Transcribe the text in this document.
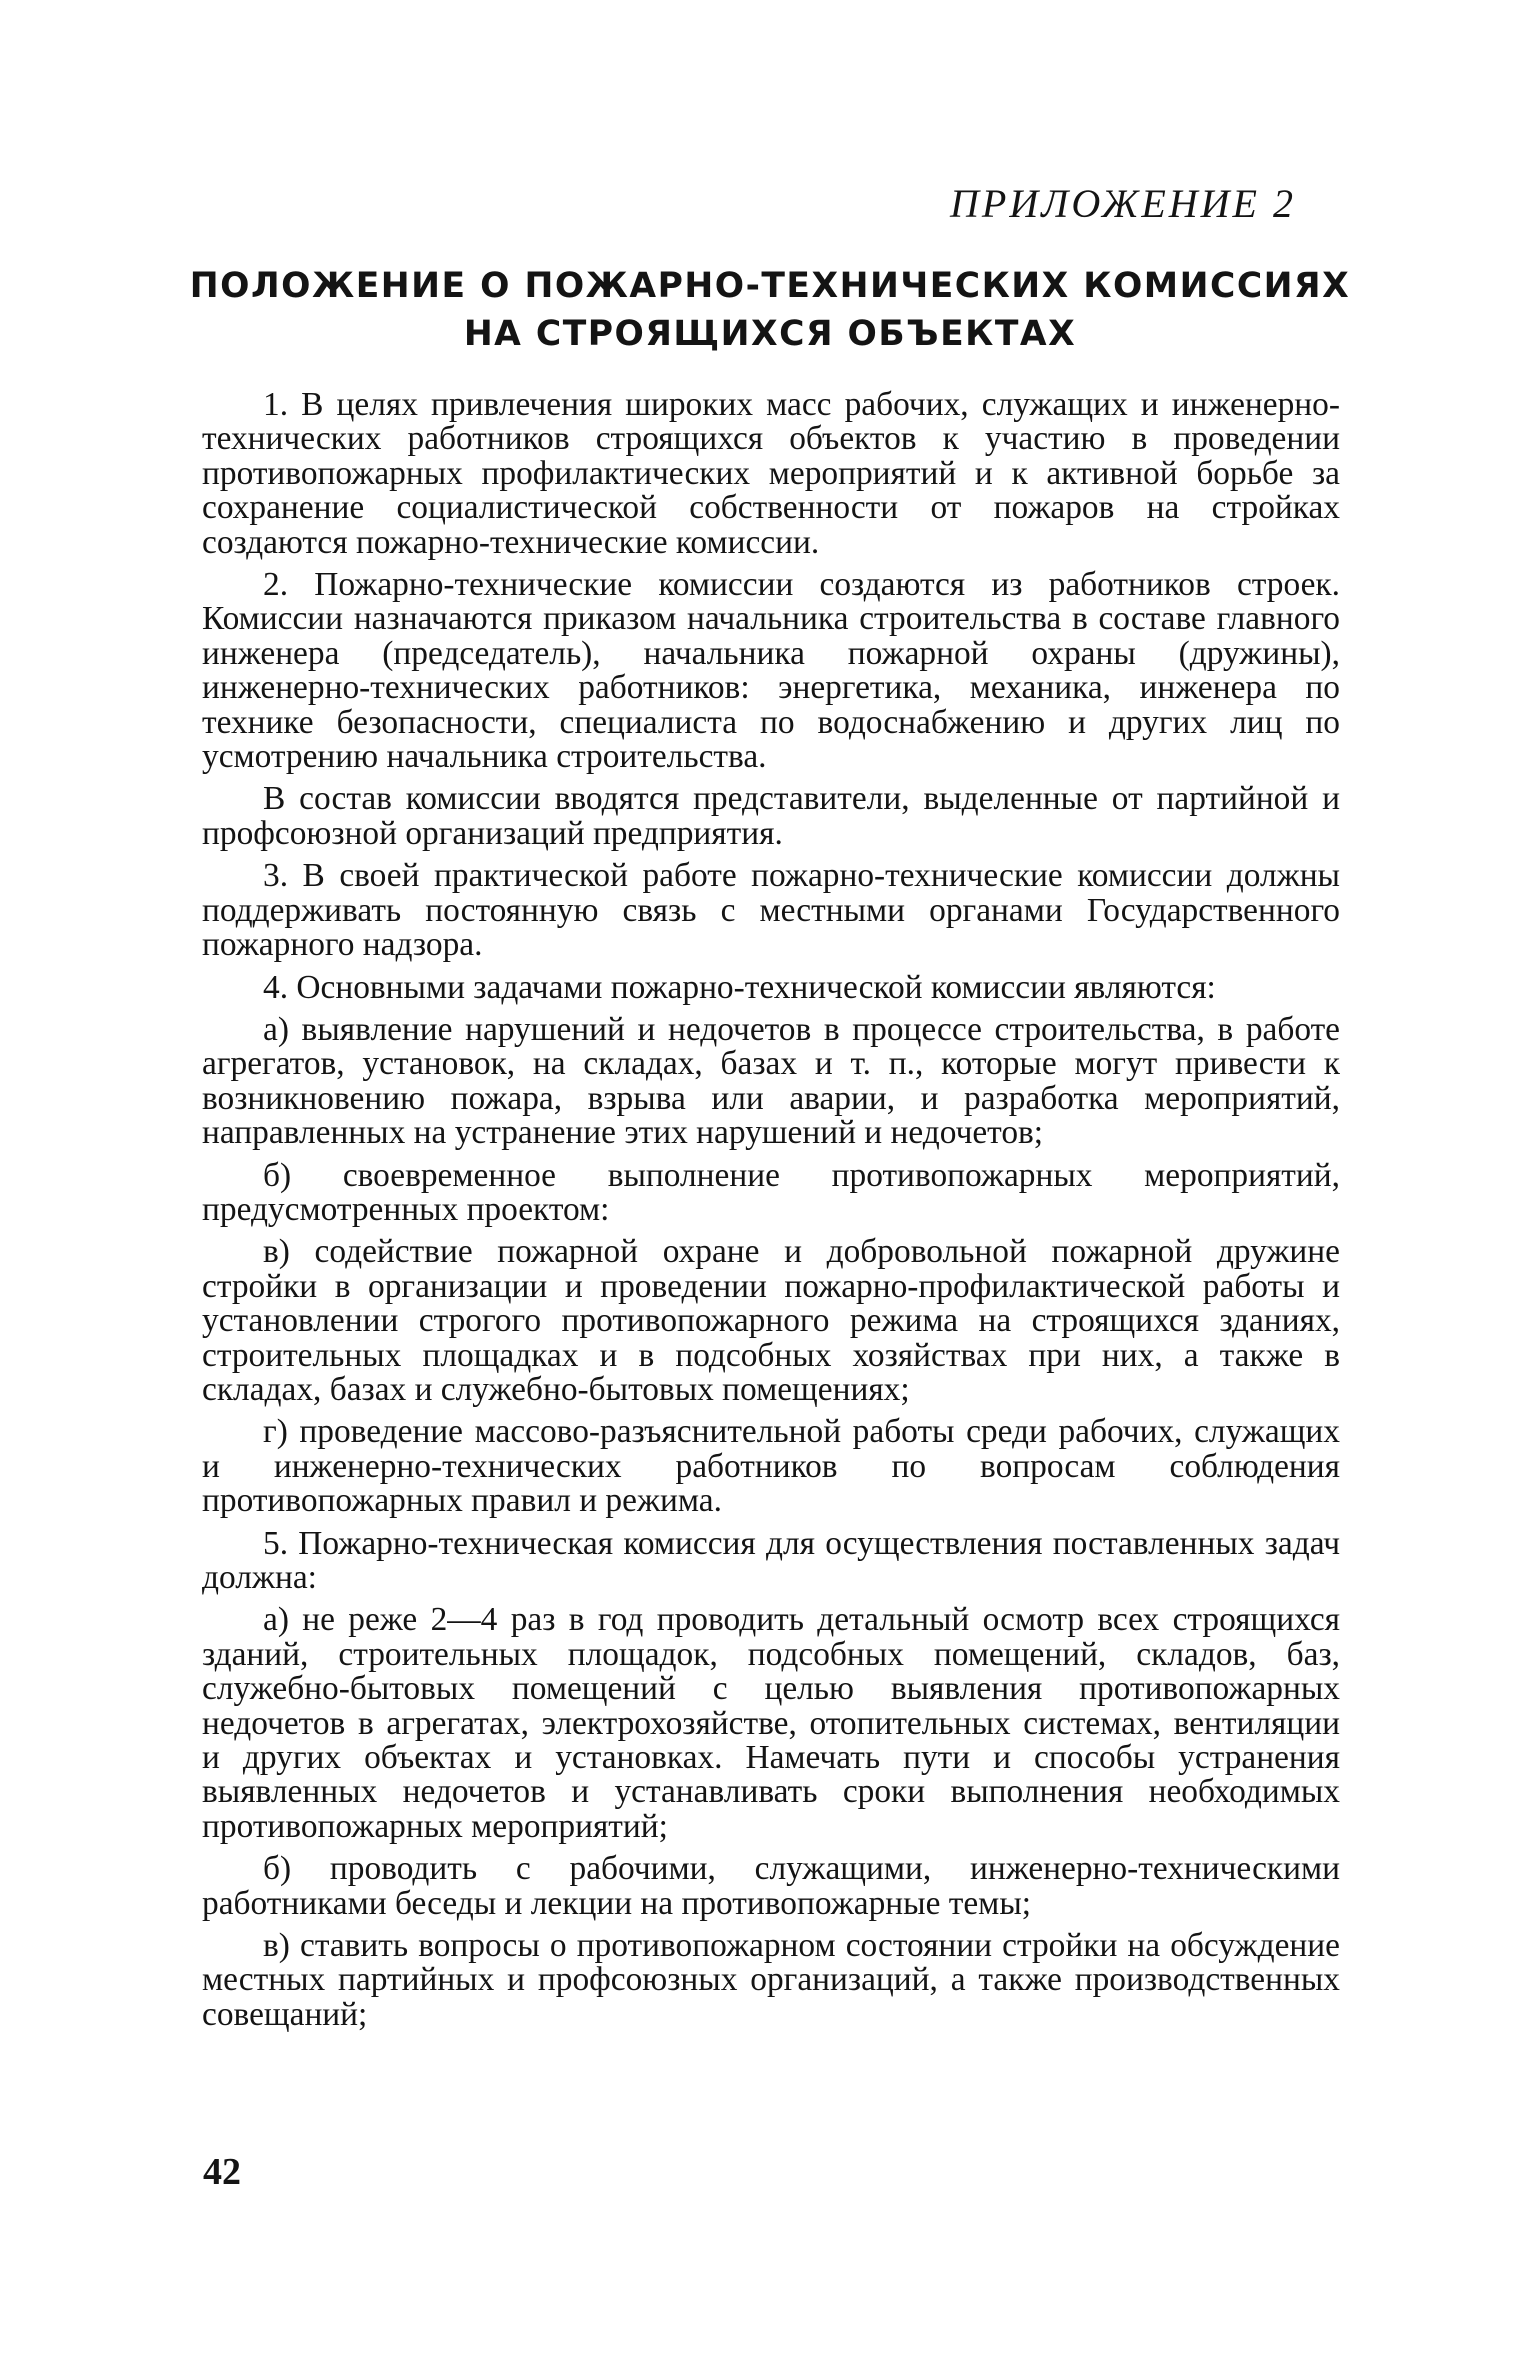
ПРИЛОЖЕНИЕ 2
ПОЛОЖЕНИЕ О ПОЖАРНО-ТЕХНИЧЕСКИХ КОМИССИЯХ
НА СТРОЯЩИХСЯ ОБЪЕКТАХ

1. В целях привлечения широких масс рабочих, служащих и инженерно-технических работников строящихся объектов к участию в проведении противопожарных профилактических мероприятий и к активной борьбе за сохранение социалистической собственности от пожаров на стройках создаются пожарно-технические комиссии.

2. Пожарно-технические комиссии создаются из работников строек. Комиссии назначаются приказом начальника строительства в составе главного инженера (председатель), начальника пожарной охраны (дружины), инженерно-технических работников: энергетика, механика, инженера по технике безопасности, специалиста по водоснабжению и других лиц по усмотрению начальника строительства.

В состав комиссии вводятся представители, выделенные от партийной и профсоюзной организаций предприятия.

3. В своей практической работе пожарно-технические комиссии должны поддерживать постоянную связь с местными органами Государственного пожарного надзора.

4. Основными задачами пожарно-технической комиссии являются:

а) выявление нарушений и недочетов в процессе строительства, в работе агрегатов, установок, на складах, базах и т. п., которые могут привести к возникновению пожара, взрыва или аварии, и разработка мероприятий, направленных на устранение этих нарушений и недочетов;

б) своевременное выполнение противопожарных мероприятий, предусмотренных проектом:

в) содействие пожарной охране и добровольной пожарной дружине стройки в организации и проведении пожарно-профилактической работы и установлении строгого противопожарного режима на строящихся зданиях, строительных площадках и в подсобных хозяйствах при них, а также в складах, базах и служебно-бытовых помещениях;

г) проведение массово-разъяснительной работы среди рабочих, служащих и инженерно-технических работников по вопросам соблюдения противопожарных правил и режима.

5. Пожарно-техническая комиссия для осуществления поставленных задач должна:

а) не реже 2—4 раз в год проводить детальный осмотр всех строящихся зданий, строительных площадок, подсобных помещений, складов, баз, служебно-бытовых помещений с целью выявления противопожарных недочетов в агрегатах, электрохозяйстве, отопительных системах, вентиляции и других объектах и установках. Намечать пути и способы устранения выявленных недочетов и устанавливать сроки выполнения необходимых противопожарных мероприятий;

б) проводить с рабочими, служащими, инженерно-техническими работниками беседы и лекции на противопожарные темы;

в) ставить вопросы о противопожарном состоянии стройки на обсуждение местных партийных и профсоюзных организаций, а также производственных совещаний;

42
